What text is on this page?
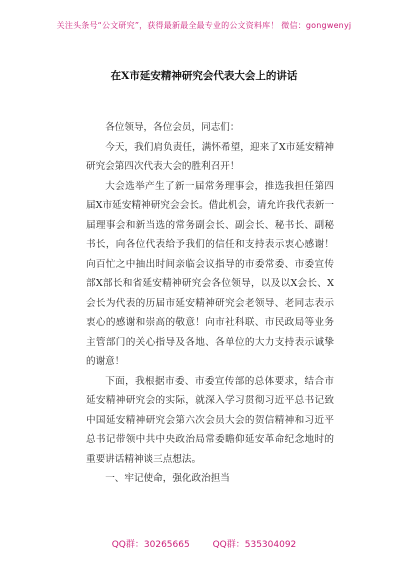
关注头条号“公文研究”，获得最新最全最专业的公文资料库！ 微信：gongwenyj
在X市延安精神研究会代表大会上的讲话

各位领导，各位会员，同志们：

今天，我们肩负责任，满怀希望，迎来了X市延安精神研究会第四次代表大会的胜利召开！

大会选举产生了新一届常务理事会，推选我担任第四届X市延安精神研究会会长。借此机会，请允许我代表新一届理事会和新当选的常务副会长、副会长、秘书长、副秘书长，向各位代表给予我们的信任和支持表示衷心感谢！向百忙之中抽出时间亲临会议指导的市委常委、市委宣传部X部长和省延安精神研究会各位领导，以及以X会长、X会长为代表的历届市延安精神研究会老领导、老同志表示衷心的感谢和崇高的敬意！向市社科联、市民政局等业务主管部门的关心指导及各地、各单位的大力支持表示诚挚的谢意！

下面，我根据市委、市委宣传部的总体要求，结合市延安精神研究会的实际，就深入学习贯彻习近平总书记致中国延安精神研究会第六次会员大会的贺信精神和习近平总书记带领中共中央政治局常委瞻仰延安革命纪念地时的重要讲话精神谈三点想法。

一、牢记使命，强化政治担当

QQ群：30265665	QQ群：535304092
